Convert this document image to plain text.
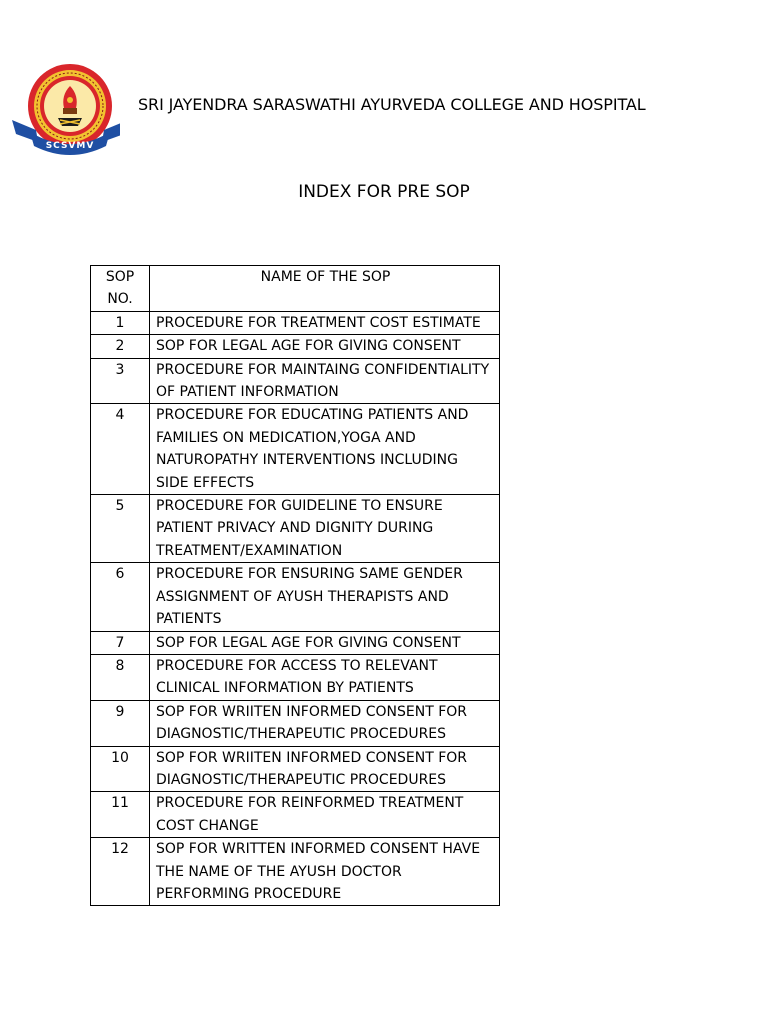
SCSVMV
SRI JAYENDRA SARASWATHI AYURVEDA COLLEGE AND HOSPITAL
INDEX FOR PRE SOP
SOP
NO.	NAME OF THE SOP
1	PROCEDURE FOR TREATMENT COST ESTIMATE
2	SOP FOR LEGAL AGE FOR GIVING CONSENT
3	PROCEDURE FOR MAINTAING CONFIDENTIALITY OF PATIENT INFORMATION
4	PROCEDURE FOR EDUCATING PATIENTS AND FAMILIES ON MEDICATION,YOGA AND NATUROPATHY INTERVENTIONS INCLUDING SIDE EFFECTS
5	PROCEDURE FOR GUIDELINE TO ENSURE PATIENT PRIVACY AND DIGNITY DURING TREATMENT/EXAMINATION
6	PROCEDURE FOR ENSURING SAME GENDER ASSIGNMENT OF AYUSH THERAPISTS AND PATIENTS
7	SOP FOR LEGAL AGE FOR GIVING CONSENT
8	PROCEDURE FOR ACCESS TO RELEVANT CLINICAL INFORMATION BY PATIENTS
9	SOP FOR WRIITEN INFORMED CONSENT FOR DIAGNOSTIC/THERAPEUTIC PROCEDURES
10	SOP FOR WRIITEN INFORMED CONSENT FOR DIAGNOSTIC/THERAPEUTIC PROCEDURES
11	PROCEDURE FOR REINFORMED TREATMENT COST CHANGE
12	SOP FOR WRITTEN INFORMED CONSENT HAVE THE NAME OF THE AYUSH DOCTOR PERFORMING PROCEDURE
